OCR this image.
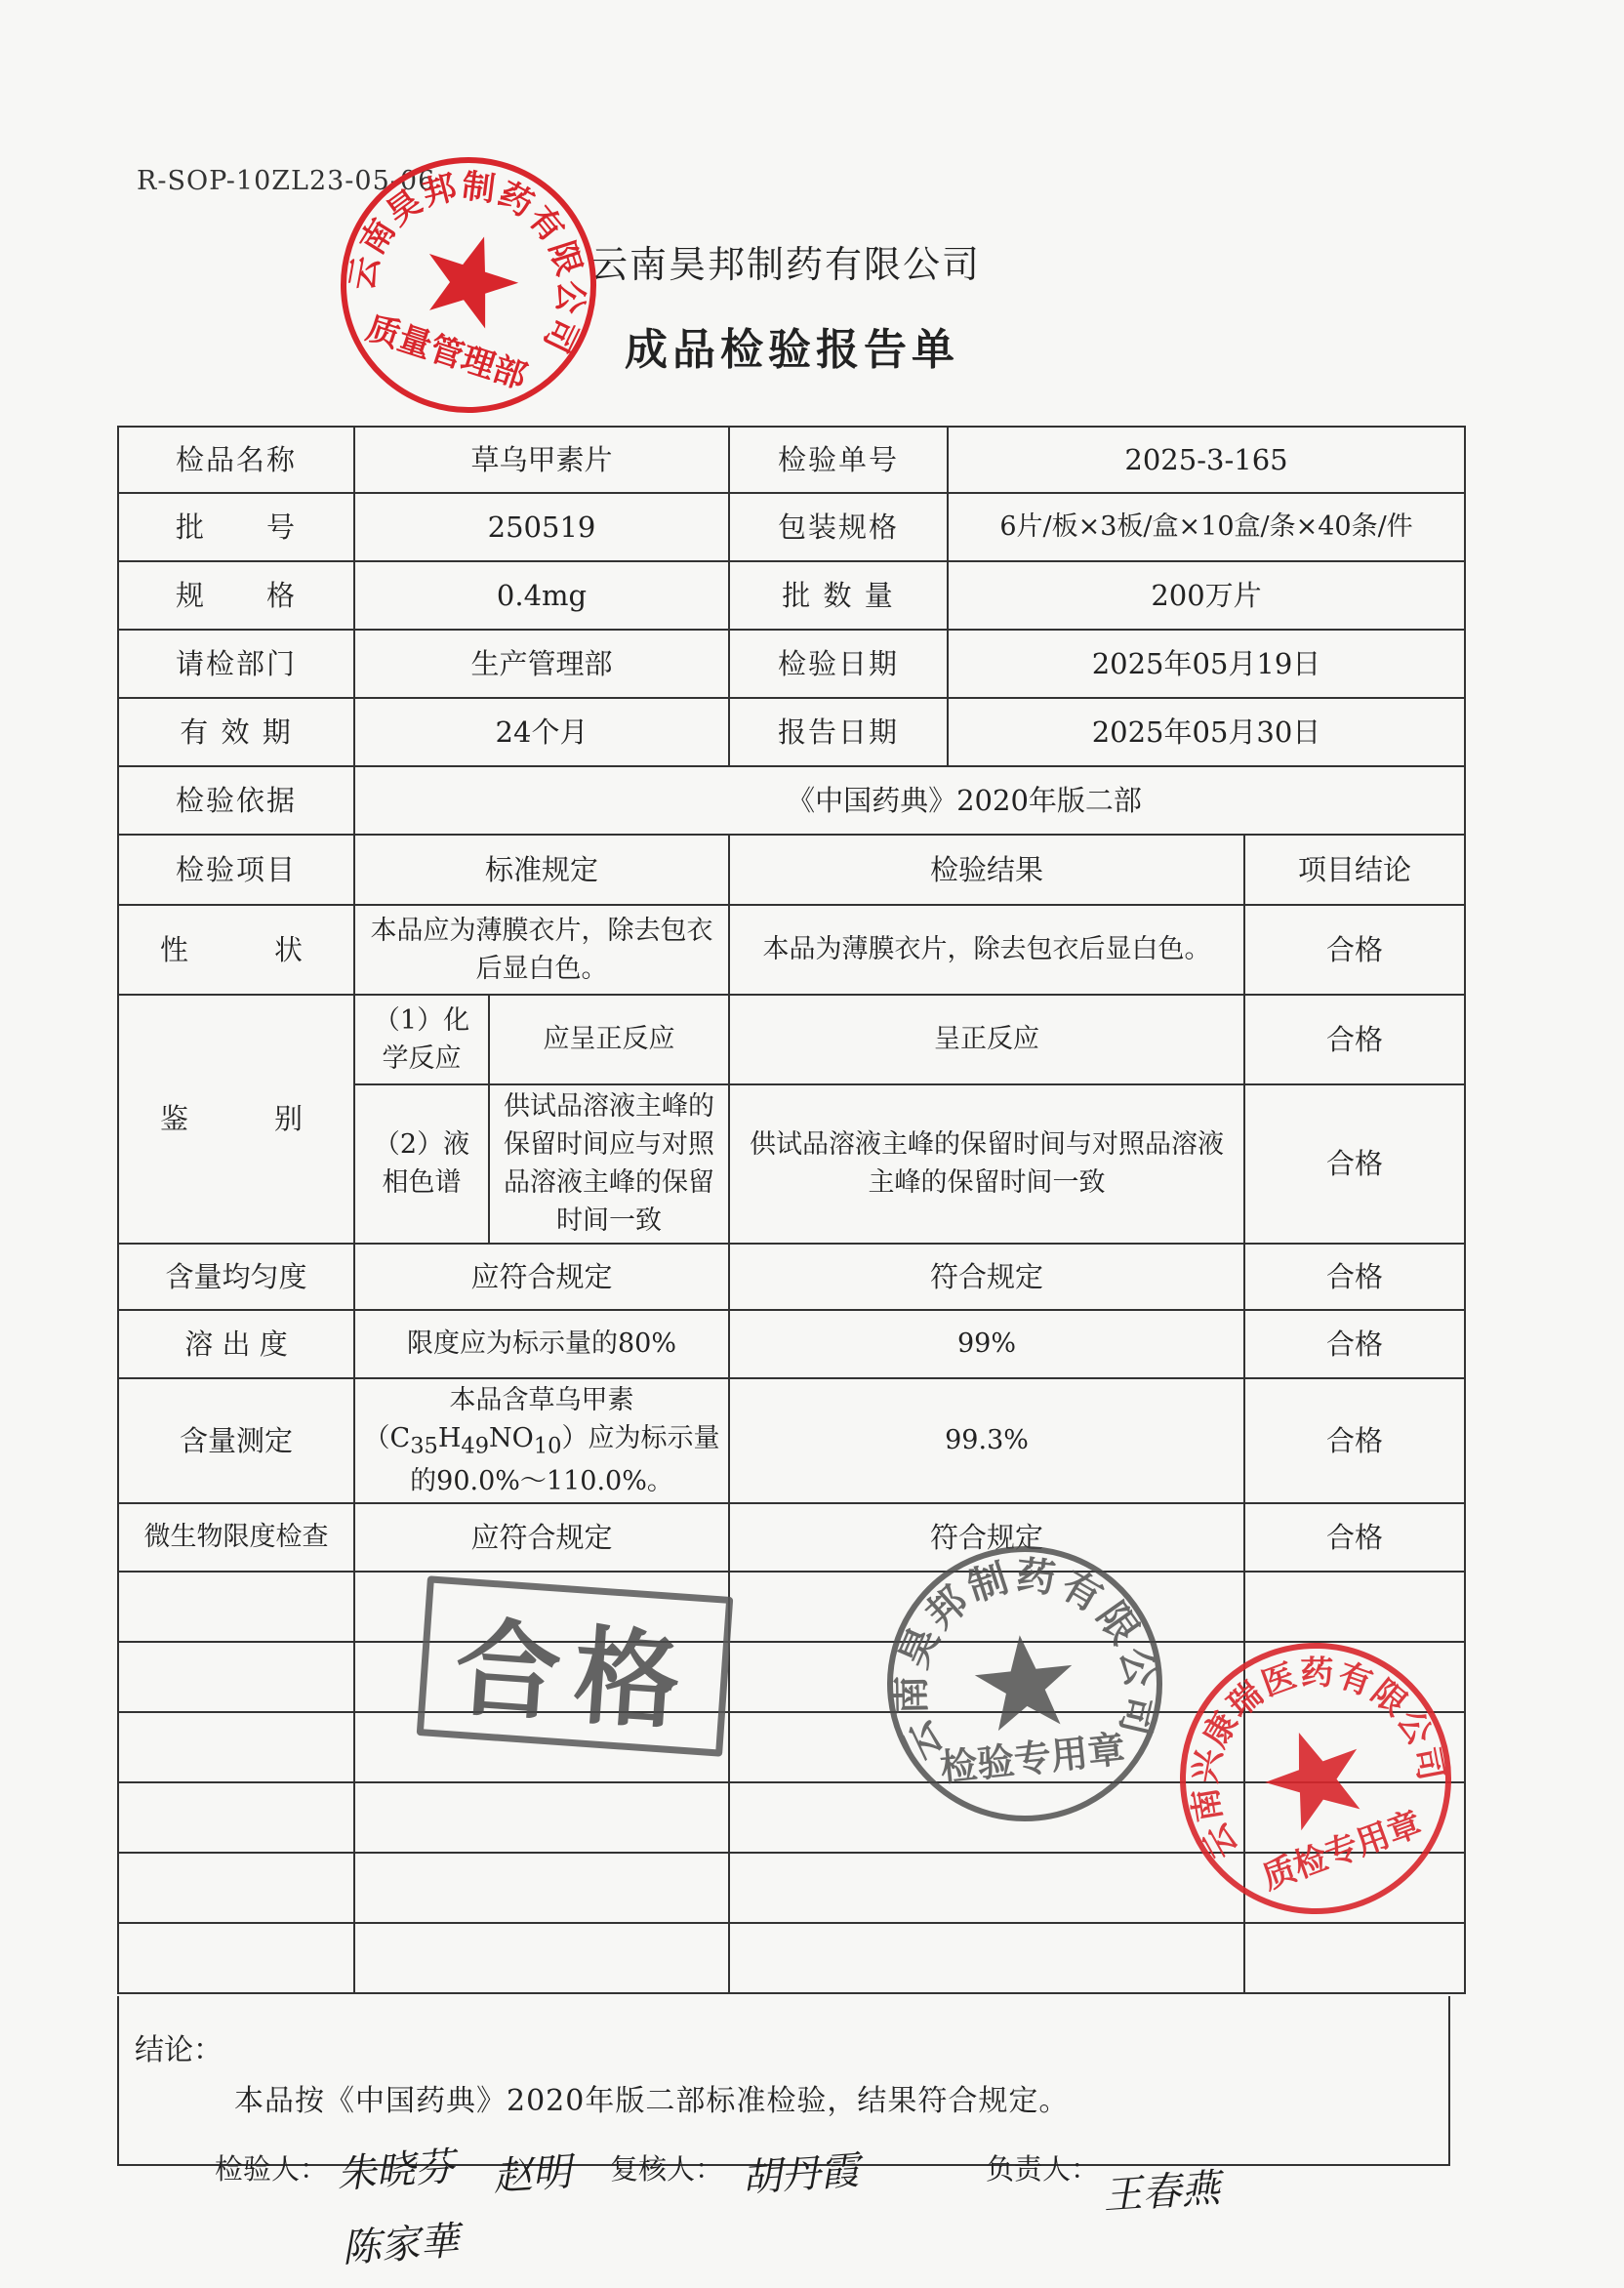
R-SOP-10ZL23-05-06
云南昊邦制药有限公司
成品检验报告单
云南昊邦制药有限公司
质量管理部
检品名称	草乌甲素片		检验单号	2025-3-165	
批　　号	250519		包装规格	6片/板×3板/盒×10盒/条×40条/件	
规　　格	0.4mg		批 数 量	200万片	
请检部门	生产管理部		检验日期	2025年05月19日	
有 效 期	24个月		报告日期	2025年05月30日	
检验依据	《中国药典》2020年版二部				
检验项目	标准规定		检验结果		项目结论
性　　状	本品应为薄膜衣片，除去包衣后显白色。		本品为薄膜衣片，除去包衣后显白色。		合格
鉴　　别	（1）化学反应	应呈正反应	呈正反应		合格
	（2）液相色谱	供试品溶液主峰的保留时间应与对照品溶液主峰的保留时间一致	供试品溶液主峰的保留时间与对照品溶液主峰的保留时间一致		合格
含量均匀度	应符合规定		符合规定		合格
溶 出 度	限度应为标示量的80%		99%		合格
含量测定	本品含草乌甲素$(C_{35}H_{49}NO_{10})$应为标示量的90.0%～110.0%。		99.3%		合格
微生物限度检查	应符合规定		符合规定		合格

结论：
本品按《中国药典》2020年版二部标准检验，结果符合规定。
检验人： 朱晓芬 赵明
陈家華
复核人： 胡丹霞	负责人： 王春燕
合格	云南昊邦制药有限公司
检验专用章
云南兴康瑞医药有限公司
质检专用章
